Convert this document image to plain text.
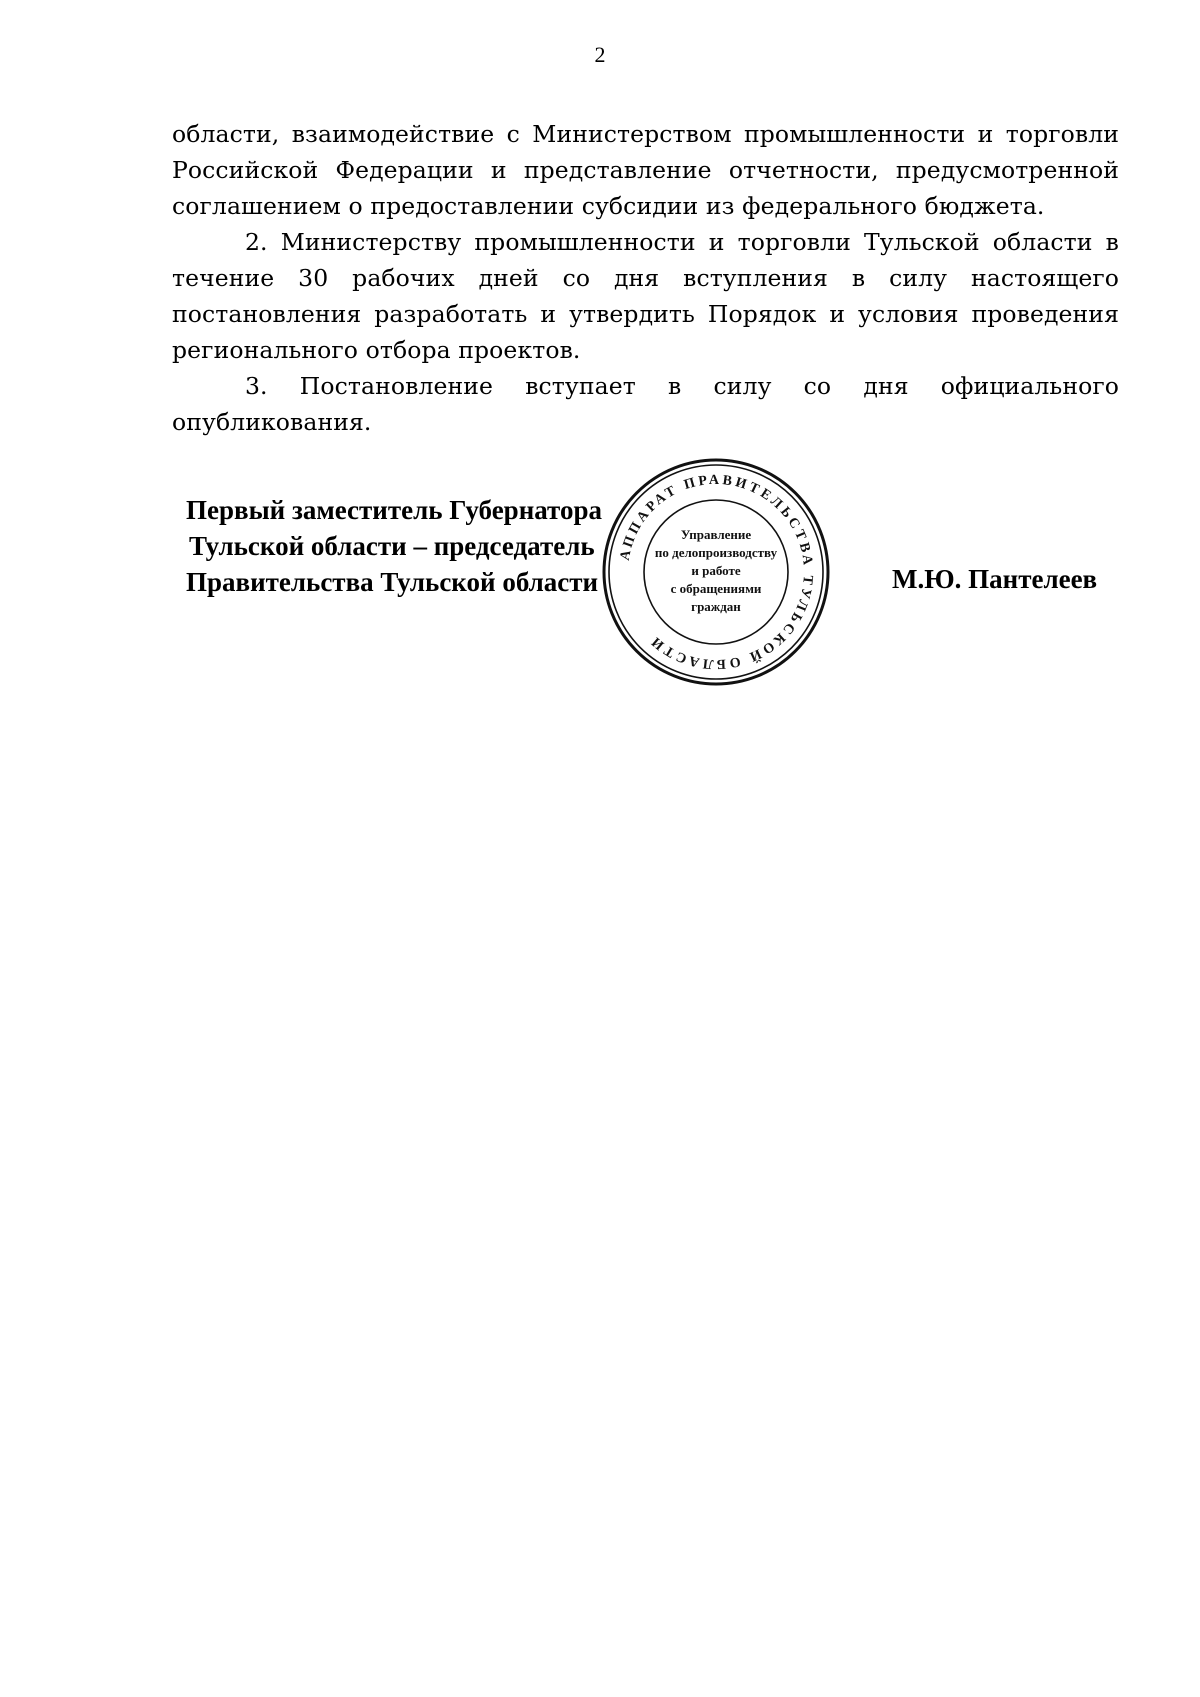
2

области, взаимодействие с Министерством промышленности и торговли Российской Федерации и представление отчетности, предусмотренной соглашением о предоставлении субсидии из федерального бюджета.

2. Министерству промышленности и торговли Тульской области в течение 30 рабочих дней со дня вступления в силу настоящего постановления разработать и утвердить Порядок и условия проведения регионального отбора проектов.

3. Постановление вступает в силу со дня официального опубликования.

Первый заместитель Губернатора
Тульской области – председатель
Правительства Тульской области	М.Ю. Пантелеев
АППАРАТ ПРАВИТЕЛЬСТВА ТУЛЬСКОЙ ОБЛАСТИ
Управление
по делопроизводству
и работе
с обращениями
граждан
